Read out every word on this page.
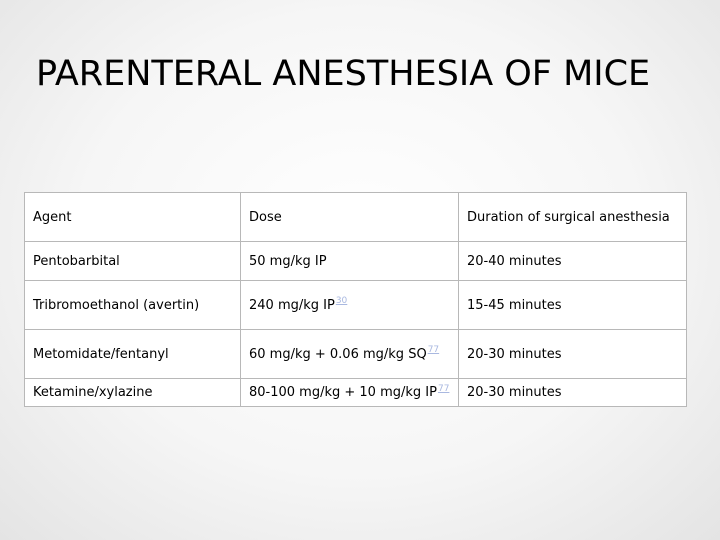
PARENTERAL ANESTHESIA OF MICE
Agent	Dose	Duration of surgical anesthesia
Pentobarbital	50 mg/kg IP	20-40 minutes
Tribromoethanol (avertin)	240 mg/kg IP$^{30}$	15-45 minutes
Metomidate/fentanyl	60 mg/kg + 0.06 mg/kg SQ$^{77}$	20-30 minutes
Ketamine/xylazine	80-100 mg/kg + 10 mg/kg IP$^{77}$	20-30 minutes
